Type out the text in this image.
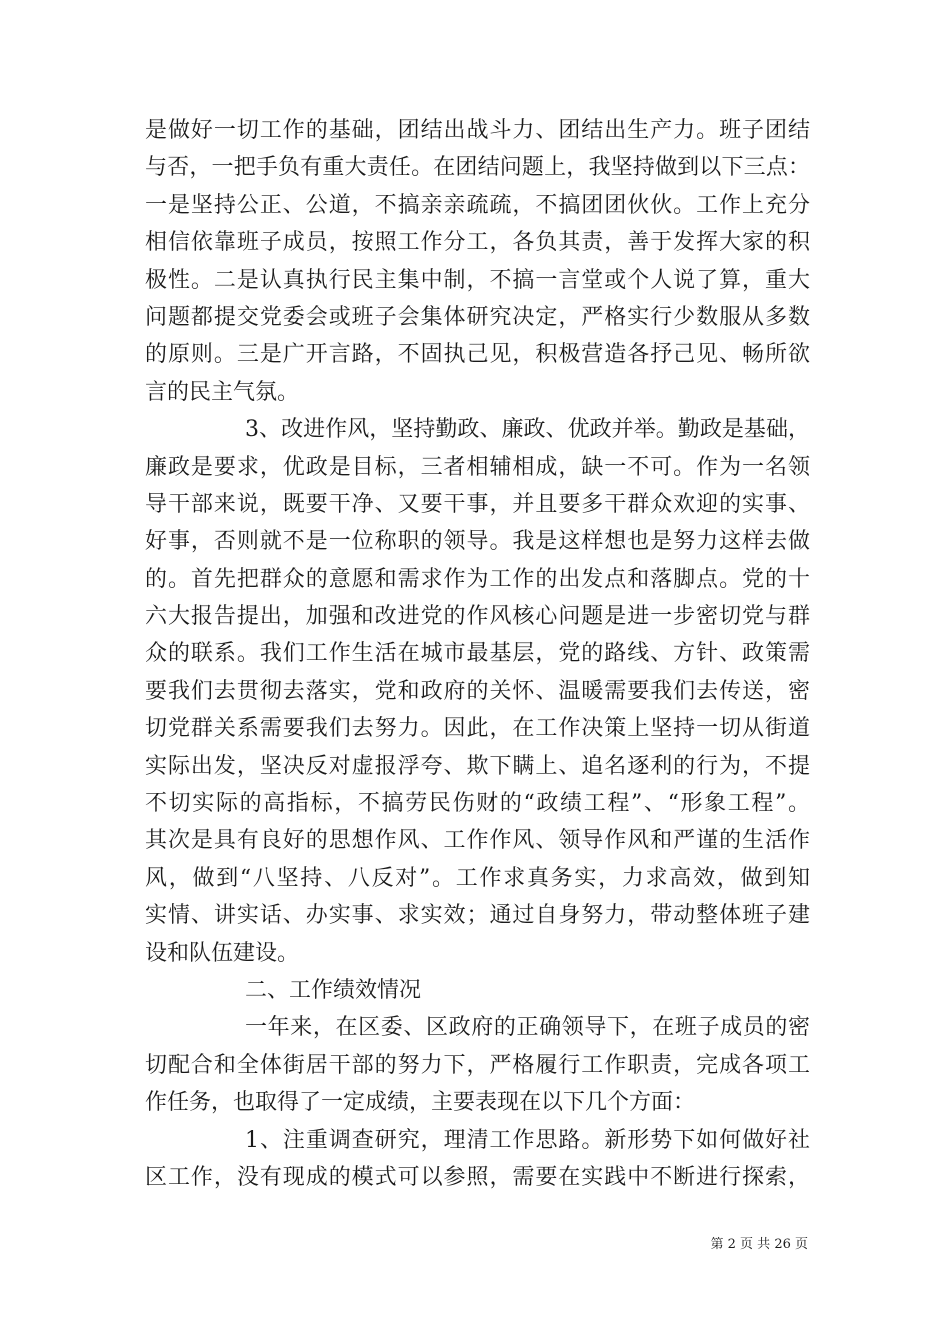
是做好一切工作的基础，团结出战斗力、团结出生产力。班子团结
与否，一把手负有重大责任。在团结问题上，我坚持做到以下三点：
一是坚持公正、公道，不搞亲亲疏疏，不搞团团伙伙。工作上充分
相信依靠班子成员，按照工作分工，各负其责，善于发挥大家的积
极性。二是认真执行民主集中制，不搞一言堂或个人说了算，重大
问题都提交党委会或班子会集体研究决定，严格实行少数服从多数
的原则。三是广开言路，不固执己见，积极营造各抒己见、畅所欲
言的民主气氛。
3、改进作风，坚持勤政、廉政、优政并举。勤政是基础，
廉政是要求，优政是目标，三者相辅相成，缺一不可。作为一名领
导干部来说，既要干净、又要干事，并且要多干群众欢迎的实事、
好事，否则就不是一位称职的领导。我是这样想也是努力这样去做
的。首先把群众的意愿和需求作为工作的出发点和落脚点。党的十
六大报告提出，加强和改进党的作风核心问题是进一步密切党与群
众的联系。我们工作生活在城市最基层，党的路线、方针、政策需
要我们去贯彻去落实，党和政府的关怀、温暖需要我们去传送，密
切党群关系需要我们去努力。因此，在工作决策上坚持一切从街道
实际出发，坚决反对虚报浮夸、欺下瞒上、追名逐利的行为，不提
不切实际的高指标，不搞劳民伤财的“政绩工程”、“形象工程”。
其次是具有良好的思想作风、工作作风、领导作风和严谨的生活作
风，做到“八坚持、八反对”。工作求真务实，力求高效，做到知
实情、讲实话、办实事、求实效；通过自身努力，带动整体班子建
设和队伍建设。
二、工作绩效情况
一年来，在区委、区政府的正确领导下，在班子成员的密
切配合和全体街居干部的努力下，严格履行工作职责，完成各项工
作任务，也取得了一定成绩，主要表现在以下几个方面：
1、注重调查研究，理清工作思路。新形势下如何做好社
区工作，没有现成的模式可以参照，需要在实践中不断进行探索，
第 2 页 共 26 页
